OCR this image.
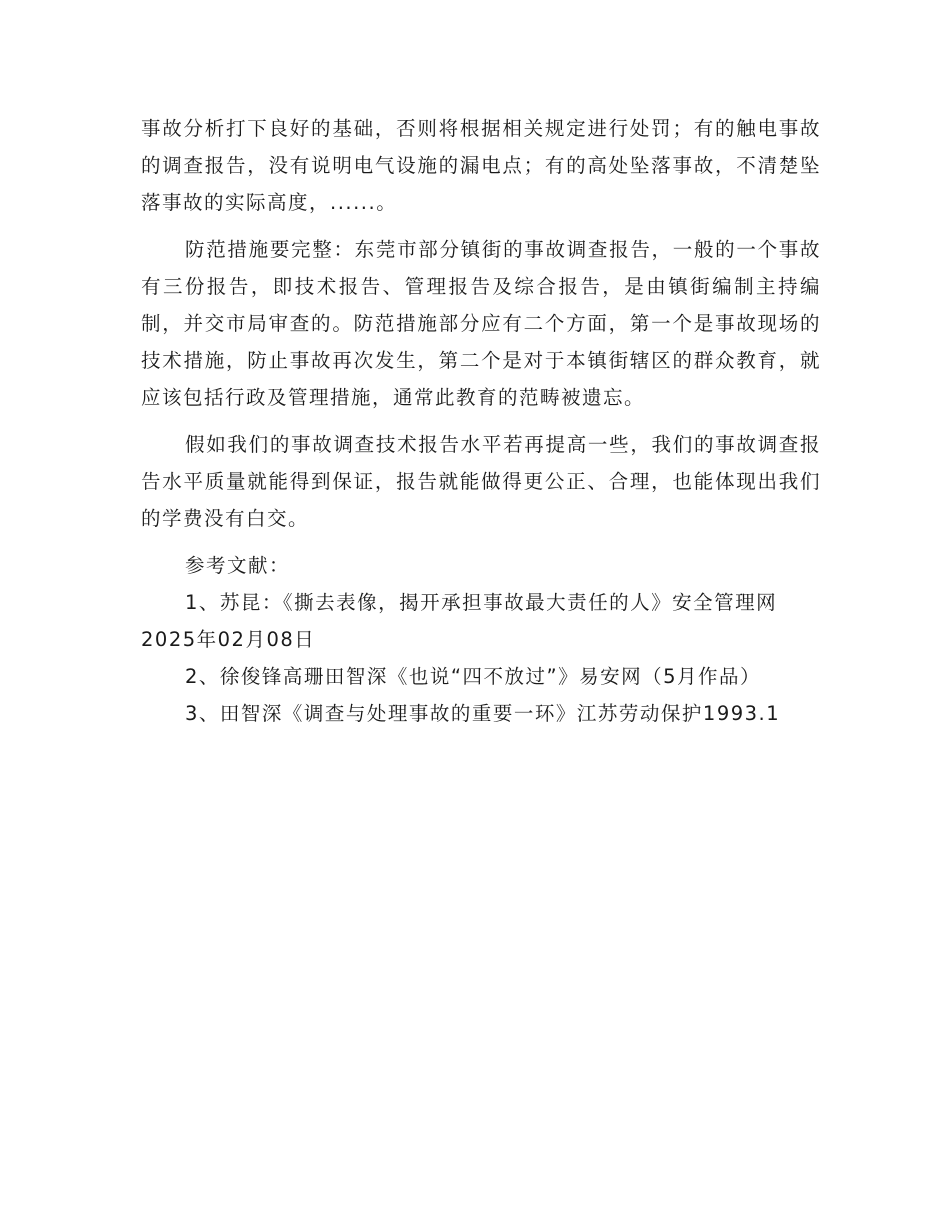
事故分析打下良好的基础，否则将根据相关规定进行处罚；有的触电事故的调查报告，没有说明电气设施的漏电点；有的高处坠落事故，不清楚坠落事故的实际高度，......。

防范措施要完整：东莞市部分镇街的事故调查报告，一般的一个事故有三份报告，即技术报告、管理报告及综合报告，是由镇街编制主持编制，并交市局审查的。防范措施部分应有二个方面，第一个是事故现场的技术措施，防止事故再次发生，第二个是对于本镇街辖区的群众教育，就应该包括行政及管理措施，通常此教育的范畴被遗忘。

假如我们的事故调查技术报告水平若再提高一些，我们的事故调查报告水平质量就能得到保证，报告就能做得更公正、合理，也能体现出我们的学费没有白交。

参考文献：

1、苏昆：《撕去表像，揭开承担事故最大责任的人》安全管理网2025年02月08日

2、徐俊锋高珊田智深《也说“四不放过”》易安网（5月作品）

3、田智深《调查与处理事故的重要一环》江苏劳动保护1993.1
